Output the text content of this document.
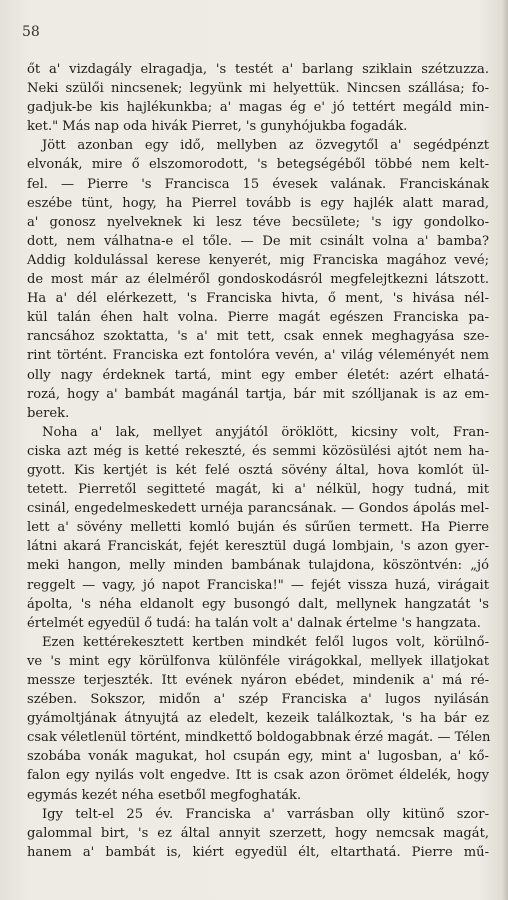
58
őt a' vizdagály elragadja, 's testét a' barlang sziklain szétzuzza.
Neki szülői nincsenek; legyünk mi helyettük. Nincsen szállása; fo-
gadjuk-be kis hajlékunkba; a' magas ég e' jó tettért megáld min-
ket." Más nap oda hivák Pierret, 's gunyhójukba fogadák.
Jött azonban egy idő, mellyben az özvegytől a' segédpénzt
elvonák, mire ő elszomorodott, 's betegségéből többé nem kelt-
fel. — Pierre 's Francisca 15 évesek valának. Franciskának
eszébe tünt, hogy, ha Pierrel tovább is egy hajlék alatt marad,
a' gonosz nyelveknek ki lesz téve becsülete; 's igy gondolko-
dott, nem válhatna-e el tőle. — De mit csinált volna a' bamba?
Addig koldulással kerese kenyerét, mig Franciska magához vevé;
de most már az élelméről gondoskodásról megfelejtkezni látszott.
Ha a' dél elérkezett, 's Franciska hivta, ő ment, 's hivása nél-
kül talán éhen halt volna. Pierre magát egészen Franciska pa-
rancsához szoktatta, 's a' mit tett, csak ennek meghagyása sze-
rint történt. Franciska ezt fontolóra vevén, a' világ véleményét nem
olly nagy érdeknek tartá, mint egy ember életét: azért elhatá-
rozá, hogy a' bambát magánál tartja, bár mit szólljanak is az em-
berek.
Noha a' lak, mellyet anyjától öröklött, kicsiny volt, Fran-
ciska azt még is ketté rekeszté, és semmi közösülési ajtót nem ha-
gyott. Kis kertjét is két felé osztá sövény által, hova komlót ül-
tetett. Pierretől segitteté magát, ki a' nélkül, hogy tudná, mit
csinál, engedelmeskedett urnéja parancsának. — Gondos ápolás mel-
lett a' sövény melletti komló buján és sűrűen termett. Ha Pierre
látni akará Franciskát, fejét keresztül dugá lombjain, 's azon gyer-
meki hangon, melly minden bambának tulajdona, köszöntvén: „jó
reggelt — vagy, jó napot Franciska!" — fejét vissza huzá, virágait
ápolta, 's néha eldanolt egy busongó dalt, mellynek hangzatát 's
értelmét egyedül ő tudá: ha talán volt a' dalnak értelme 's hangzata.
Ezen kettérekesztett kertben mindkét felől lugos volt, körülnő-
ve 's mint egy körülfonva különféle virágokkal, mellyek illatjokat
messze terjeszték. Itt evének nyáron ebédet, mindenik a' má ré-
szében. Sokszor, midőn a' szép Franciska a' lugos nyilásán
gyámoltjának átnyujtá az eledelt, kezeik találkoztak, 's ha bár ez
csak véletlenül történt, mindkettő boldogabbnak érzé magát. — Télen
szobába vonák magukat, hol csupán egy, mint a' lugosban, a' kő-
falon egy nyilás volt engedve. Itt is csak azon örömet éldelék, hogy
egymás kezét néha esetből megfoghaták.
Igy telt-el 25 év. Franciska a' varrásban olly kitünő szor-
galommal birt, 's ez által annyit szerzett, hogy nemcsak magát,
hanem a' bambát is, kiért egyedül élt, eltarthatá. Pierre mű-
